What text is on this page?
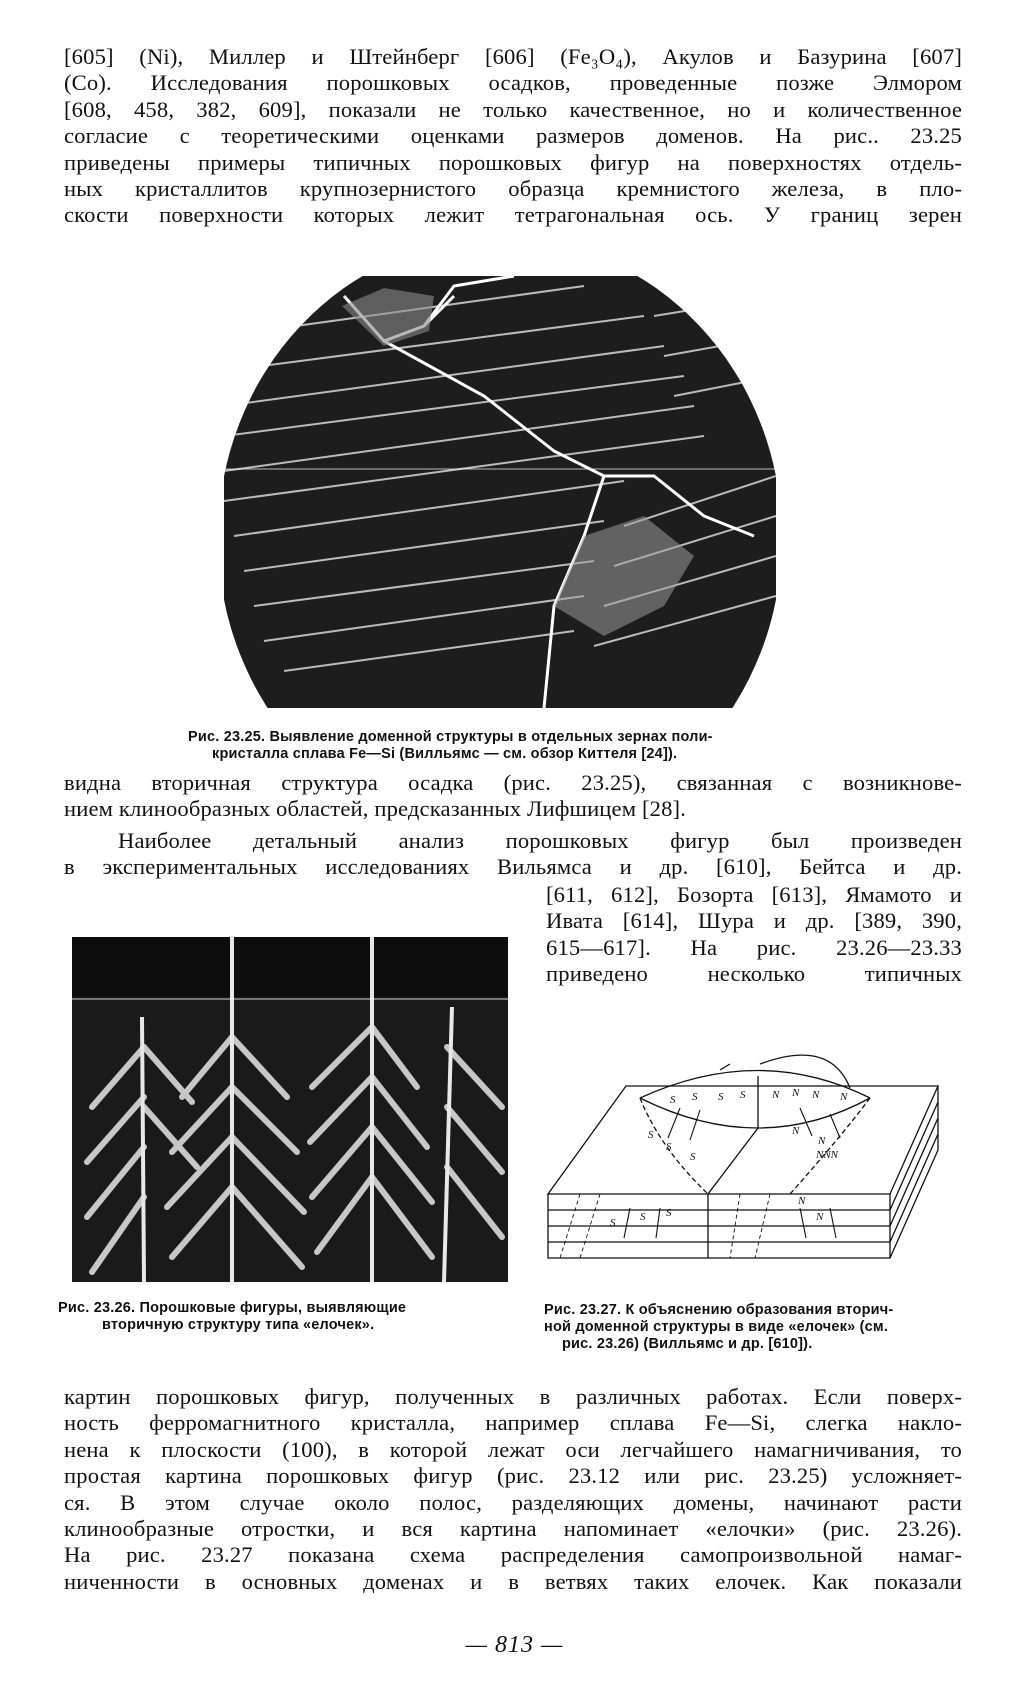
[605] (Ni), Миллер и Штейнберг [606] (Fe₃O₄), Акулов и Базурина [607]
(Co). Исследования порошковых осадков, проведенные позже Элмором
[608, 458, 382, 609], показали не только качественное, но и количественное
согласие с теоретическими оценками размеров доменов. На рис.. 23.25
приведены примеры типичных порошковых фигур на поверхностях отдель-
ных кристаллитов крупнозернистого образца кремнистого железа, в пло-
скости поверхности которых лежит тетрагональная ось. У границ зерен
Рис. 23.25. Выявление доменной структуры в отдельных зернах поли-
кристалла сплава Fe—Si (Вилльямс — см. обзор Киттеля [24]).
видна вторичная структура осадка (рис. 23.25), связанная с возникнове-
нием клинообразных областей, предсказанных Лифшицем [28].
Наиболее детальный анализ порошковых фигур был произведен
в экспериментальных исследованиях Вильямса и др. [610], Бейтса и др.
[611, 612], Бозорта [613], Ямамото и
Ивата [614], Шура и др. [389, 390,
615—617]. На рис. 23.26—23.33
приведено несколько типичных
Рис. 23.26. Порошковые фигуры, выявляющие
вторичную структуру типа «елочек».
S S S S N N N N
S
S
S
N
N
NNN
S S S
N
N
Рис. 23.27. К объяснению образования вторич-
ной доменной структуры в виде «елочек» (см.
рис. 23.26) (Вилльямс и др. [610]).
картин порошковых фигур, полученных в различных работах. Если поверх-
ность ферромагнитного кристалла, например сплава Fe—Si, слегка накло-
нена к плоскости (100), в которой лежат оси легчайшего намагничивания, то
простая картина порошковых фигур (рис. 23.12 или рис. 23.25) усложняет-
ся. В этом случае около полос, разделяющих домены, начинают расти
клинообразные отростки, и вся картина напоминает «елочки» (рис. 23.26).
На рис. 23.27 показана схема распределения самопроизвольной намаг-
ниченности в основных доменах и в ветвях таких елочек. Как показали
— 813 —
